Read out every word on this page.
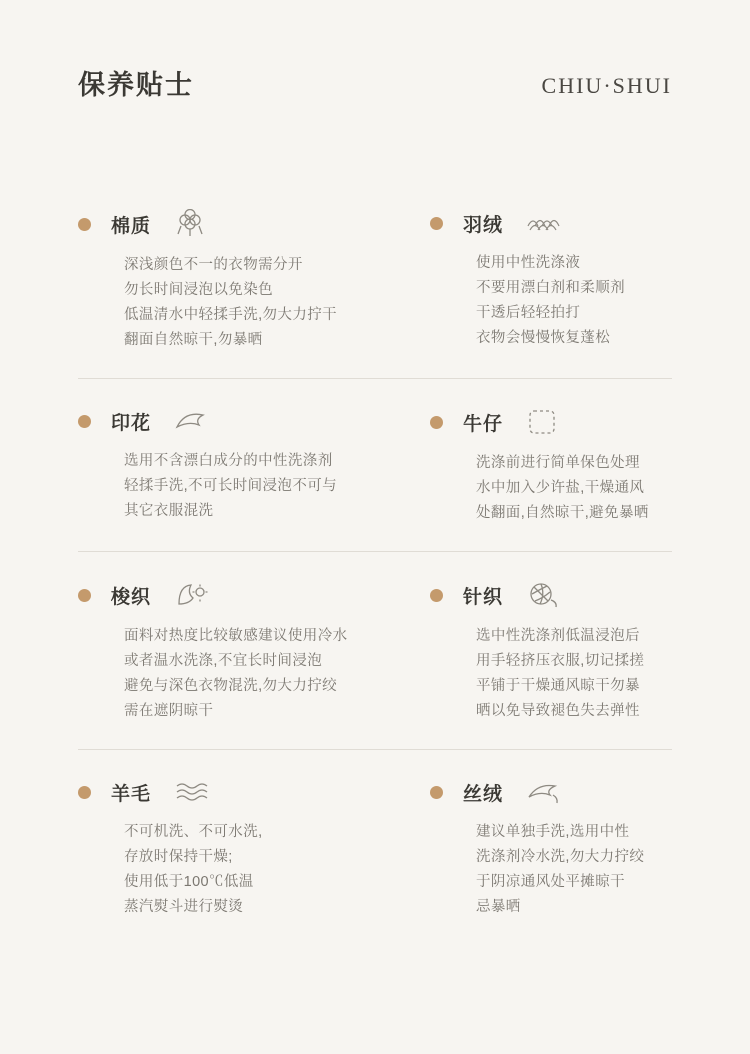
保养贴士	CHIU·SHUI
棉质
深浅颜色不一的衣物需分开
勿长时间浸泡以免染色
低温清水中轻揉手洗,勿大力拧干
翻面自然晾干,勿暴晒
羽绒
使用中性洗涤液
不要用漂白剂和柔顺剂
干透后轻轻拍打
衣物会慢慢恢复蓬松
印花
选用不含漂白成分的中性洗涤剂
轻揉手洗,不可长时间浸泡不可与
其它衣服混洗
牛仔
洗涤前进行简单保色处理
水中加入少许盐,干燥通风
处翻面,自然晾干,避免暴晒
梭织
面料对热度比较敏感建议使用冷水
或者温水洗涤,不宜长时间浸泡
避免与深色衣物混洗,勿大力拧绞
需在遮阴晾干
针织
选中性洗涤剂低温浸泡后
用手轻挤压衣服,切记揉搓
平铺于干燥通风晾干勿暴
晒以免导致褪色失去弹性
羊毛
不可机洗、不可水洗,
存放时保持干燥;
使用低于100℃低温
蒸汽熨斗进行熨烫
丝绒
建议单独手洗,选用中性
洗涤剂冷水洗,勿大力拧绞
于阴凉通风处平摊晾干
忌暴晒
